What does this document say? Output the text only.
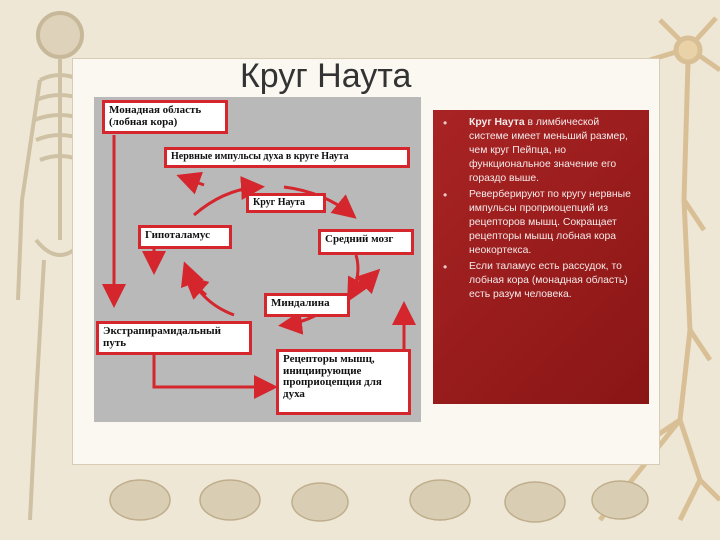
Круг Наута
Монадная область (лобная кора)
Нервные импульсы духа в круге Наута
Круг Наута
Гипоталамус	Средний мозг
Миндалина
Экстрапирамидальный путь
Рецепторы мышц, инициирующие проприоцепция для духа
• Круг Наута в лимбической системе имеет меньший размер, чем круг Пейпца, но функциональное значение его гораздо выше.
• Реверберируют по кругу нервные импульсы проприоцепций из рецепторов мышц. Сокращает рецепторы мышц лобная кора неокортекса.
• Если таламус есть рассудок, то лобная кора (монадная область) есть разум человека.
